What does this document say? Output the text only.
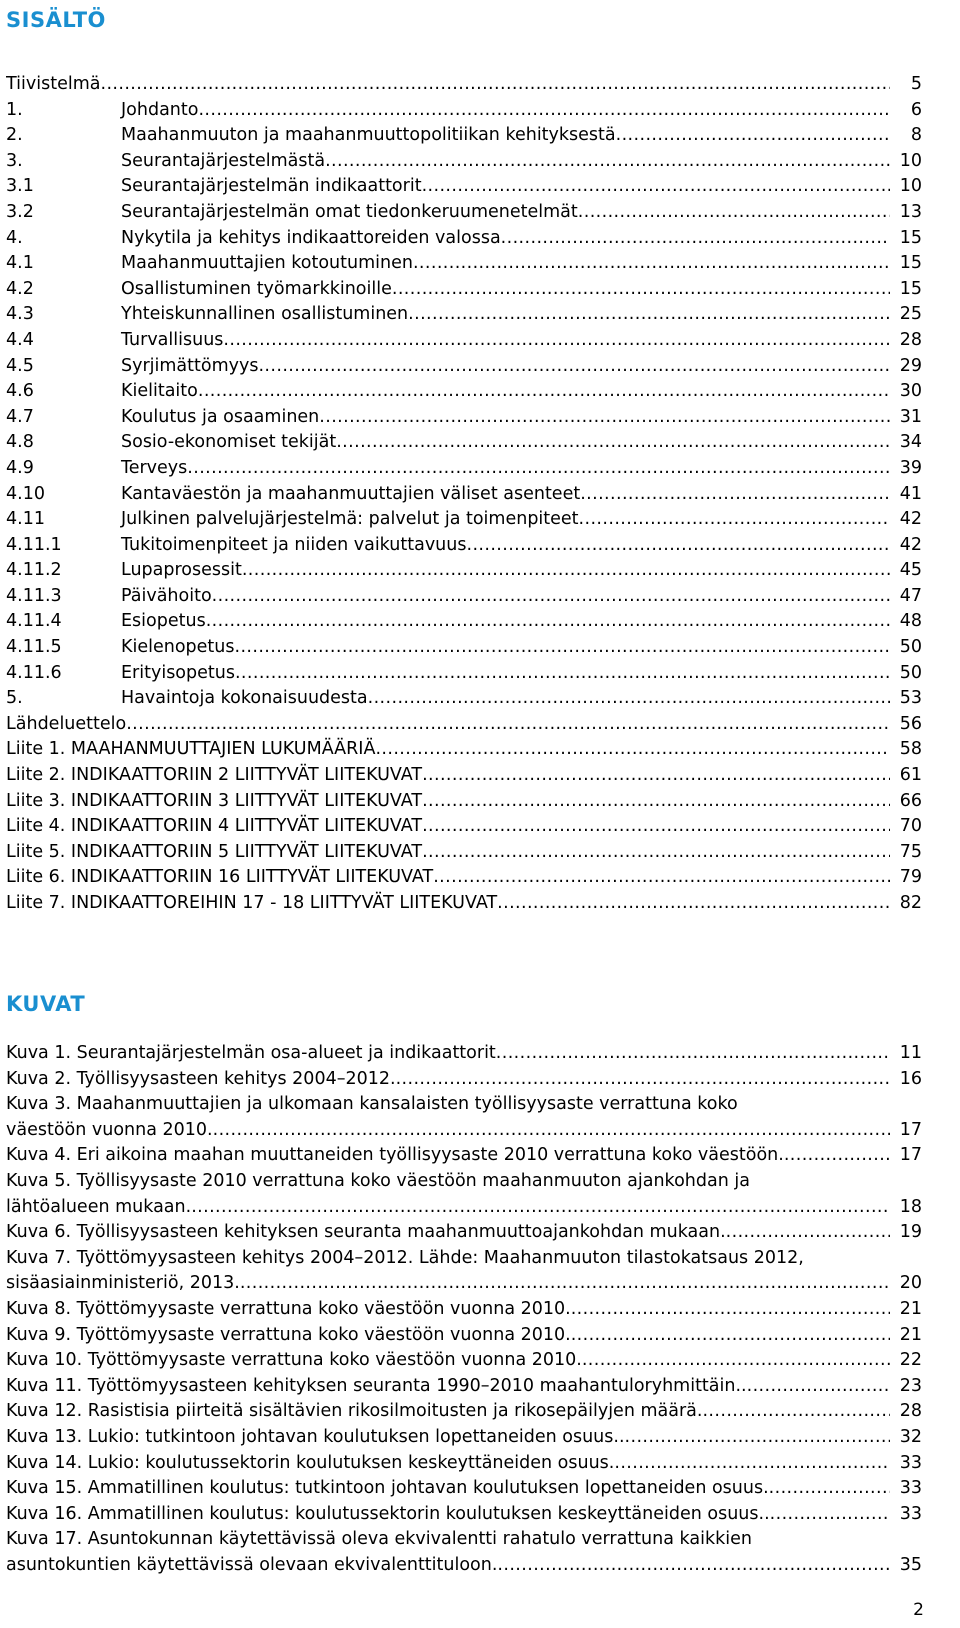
SISÄLTÖ
Tiivistelmä .....	5
1.	Johdanto .....	6
2.	Maahanmuuton ja maahanmuuttopolitiikan kehityksestä .....	8
3.	Seurantajärjestelmästä .....	10
3.1	Seurantajärjestelmän indikaattorit .....	10
3.2	Seurantajärjestelmän omat tiedonkeruumenetelmät .....	13
4.	Nykytila ja kehitys indikaattoreiden valossa .....	15
4.1	Maahanmuuttajien kotoutuminen .....	15
4.2	Osallistuminen työmarkkinoille .....	15
4.3	Yhteiskunnallinen osallistuminen .....	25
4.4	Turvallisuus .....	28
4.5	Syrjimättömyys .....	29
4.6	Kielitaito .....	30
4.7	Koulutus ja osaaminen .....	31
4.8	Sosio-ekonomiset tekijät .....	34
4.9	Terveys .....	39
4.10	Kantaväestön ja maahanmuuttajien väliset asenteet .....	41
4.11	Julkinen palvelujärjestelmä: palvelut ja toimenpiteet .....	42
4.11.1	Tukitoimenpiteet ja niiden vaikuttavuus .....	42
4.11.2	Lupaprosessit .....	45
4.11.3	Päivähoito .....	47
4.11.4	Esiopetus .....	48
4.11.5	Kielenopetus .....	50
4.11.6	Erityisopetus .....	50
5.	Havaintoja kokonaisuudesta .....	53
Lähdeluettelo .....	56
Liite 1. MAAHANMUUTTAJIEN LUKUMÄÄRIÄ .....	58
Liite 2. INDIKAATTORIIN 2 LIITTYVÄT LIITEKUVAT .....	61
Liite 3. INDIKAATTORIIN 3 LIITTYVÄT LIITEKUVAT .....	66
Liite 4. INDIKAATTORIIN 4 LIITTYVÄT LIITEKUVAT .....	70
Liite 5. INDIKAATTORIIN 5 LIITTYVÄT LIITEKUVAT .....	75
Liite 6. INDIKAATTORIIN 16 LIITTYVÄT LIITEKUVAT .....	79
Liite 7. INDIKAATTOREIHIN 17 - 18 LIITTYVÄT LIITEKUVAT .....	82
KUVAT
Kuva 1. Seurantajärjestelmän osa-alueet ja indikaattorit .....	11
Kuva 2. Työllisyysasteen kehitys 2004–2012. .....	16
Kuva 3. Maahanmuuttajien ja ulkomaan kansalaisten työllisyysaste verrattuna koko
väestöön vuonna 2010. .....	17
Kuva 4. Eri aikoina maahan muuttaneiden työllisyysaste 2010 verrattuna koko väestöön. .....	17
Kuva 5. Työllisyysaste 2010 verrattuna koko väestöön maahanmuuton ajankohdan ja
lähtöalueen mukaan. .....	18
Kuva 6. Työllisyysasteen kehityksen seuranta maahanmuuttoajankohdan mukaan. .....	19
Kuva 7. Työttömyysasteen kehitys 2004–2012. Lähde: Maahanmuuton tilastokatsaus 2012,
sisäasiainministeriö, 2013. .....	20
Kuva 8. Työttömyysaste verrattuna koko väestöön vuonna 2010. .....	21
Kuva 9. Työttömyysaste verrattuna koko väestöön vuonna 2010. .....	21
Kuva 10. Työttömyysaste verrattuna koko väestöön vuonna 2010. .....	22
Kuva 11. Työttömyysasteen kehityksen seuranta 1990–2010 maahantuloryhmittäin.. .....	23
Kuva 12. Rasistisia piirteitä sisältävien rikosilmoitusten ja rikosepäilyjen määrä. .....	28
Kuva 13. Lukio: tutkintoon johtavan koulutuksen lopettaneiden osuus.. .....	32
Kuva 14. Lukio: koulutussektorin koulutuksen keskeyttäneiden osuus. .....	33
Kuva 15. Ammatillinen koulutus: tutkintoon johtavan koulutuksen lopettaneiden osuus. .....	33
Kuva 16. Ammatillinen koulutus: koulutussektorin koulutuksen keskeyttäneiden osuus.. .....	33
Kuva 17. Asuntokunnan käytettävissä oleva ekvivalentti rahatulo verrattuna kaikkien
asuntokuntien käytettävissä olevaan ekvivalenttituloon. .....	35
2
